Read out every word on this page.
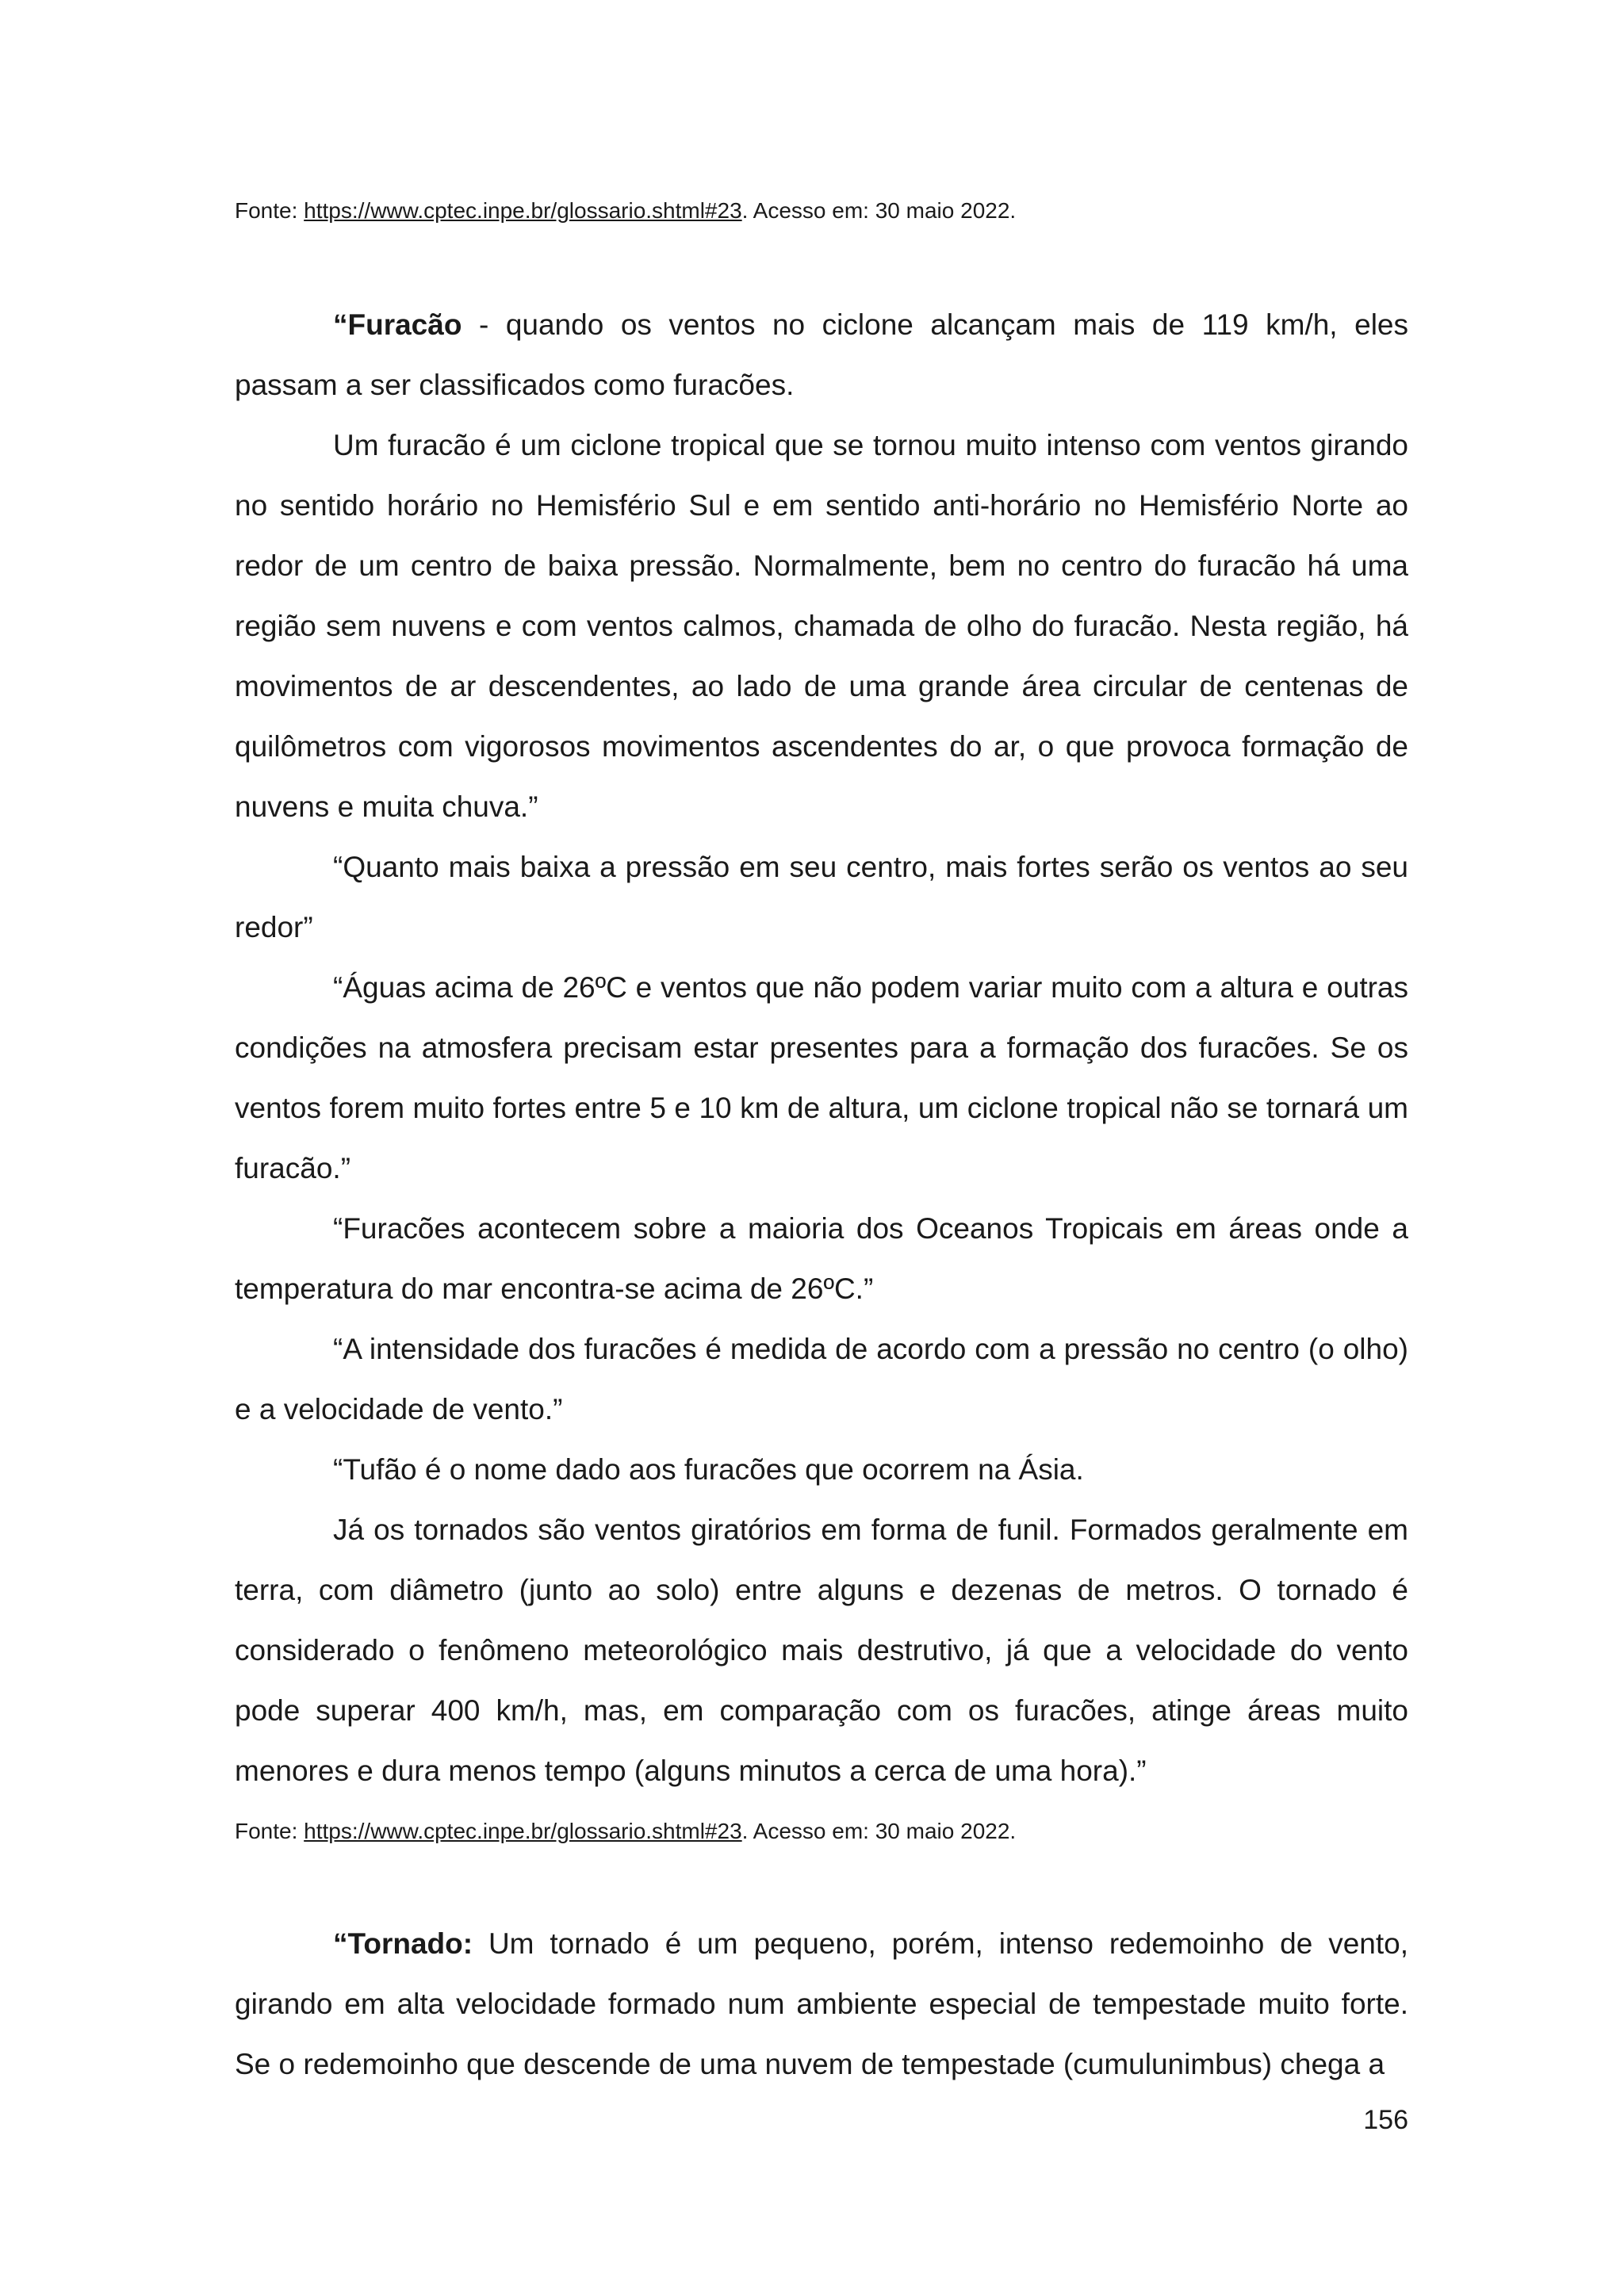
Fonte: https://www.cptec.inpe.br/glossario.shtml#23. Acesso em: 30 maio 2022.

“Furacão - quando os ventos no ciclone alcançam mais de 119 km/h, eles passam a ser classificados como furacões.

Um furacão é um ciclone tropical que se tornou muito intenso com ventos girando no sentido horário no Hemisfério Sul e em sentido anti-horário no Hemisfério Norte ao redor de um centro de baixa pressão. Normalmente, bem no centro do furacão há uma região sem nuvens e com ventos calmos, chamada de olho do furacão. Nesta região, há movimentos de ar descendentes, ao lado de uma grande área circular de centenas de quilômetros com vigorosos movimentos ascendentes do ar, o que provoca formação de nuvens e muita chuva.”

“Quanto mais baixa a pressão em seu centro, mais fortes serão os ventos ao seu redor”

“Águas acima de 26ºC e ventos que não podem variar muito com a altura e outras condições na atmosfera precisam estar presentes para a formação dos furacões. Se os ventos forem muito fortes entre 5 e 10 km de altura, um ciclone tropical não se tornará um furacão.”

“Furacões acontecem sobre a maioria dos Oceanos Tropicais em áreas onde a temperatura do mar encontra-se acima de 26ºC.”

“A intensidade dos furacões é medida de acordo com a pressão no centro (o olho) e a velocidade de vento.”

“Tufão é o nome dado aos furacões que ocorrem na Ásia.

Já os tornados são ventos giratórios em forma de funil. Formados geralmente em terra, com diâmetro (junto ao solo) entre alguns e dezenas de metros. O tornado é considerado o fenômeno meteorológico mais destrutivo, já que a velocidade do vento pode superar 400 km/h, mas, em comparação com os furacões, atinge áreas muito menores e dura menos tempo (alguns minutos a cerca de uma hora).”

Fonte: https://www.cptec.inpe.br/glossario.shtml#23. Acesso em: 30 maio 2022.

“Tornado: Um tornado é um pequeno, porém, intenso redemoinho de vento, girando em alta velocidade formado num ambiente especial de tempestade muito forte. Se o redemoinho que descende de uma nuvem de tempestade (cumulunimbus) chega a

156
